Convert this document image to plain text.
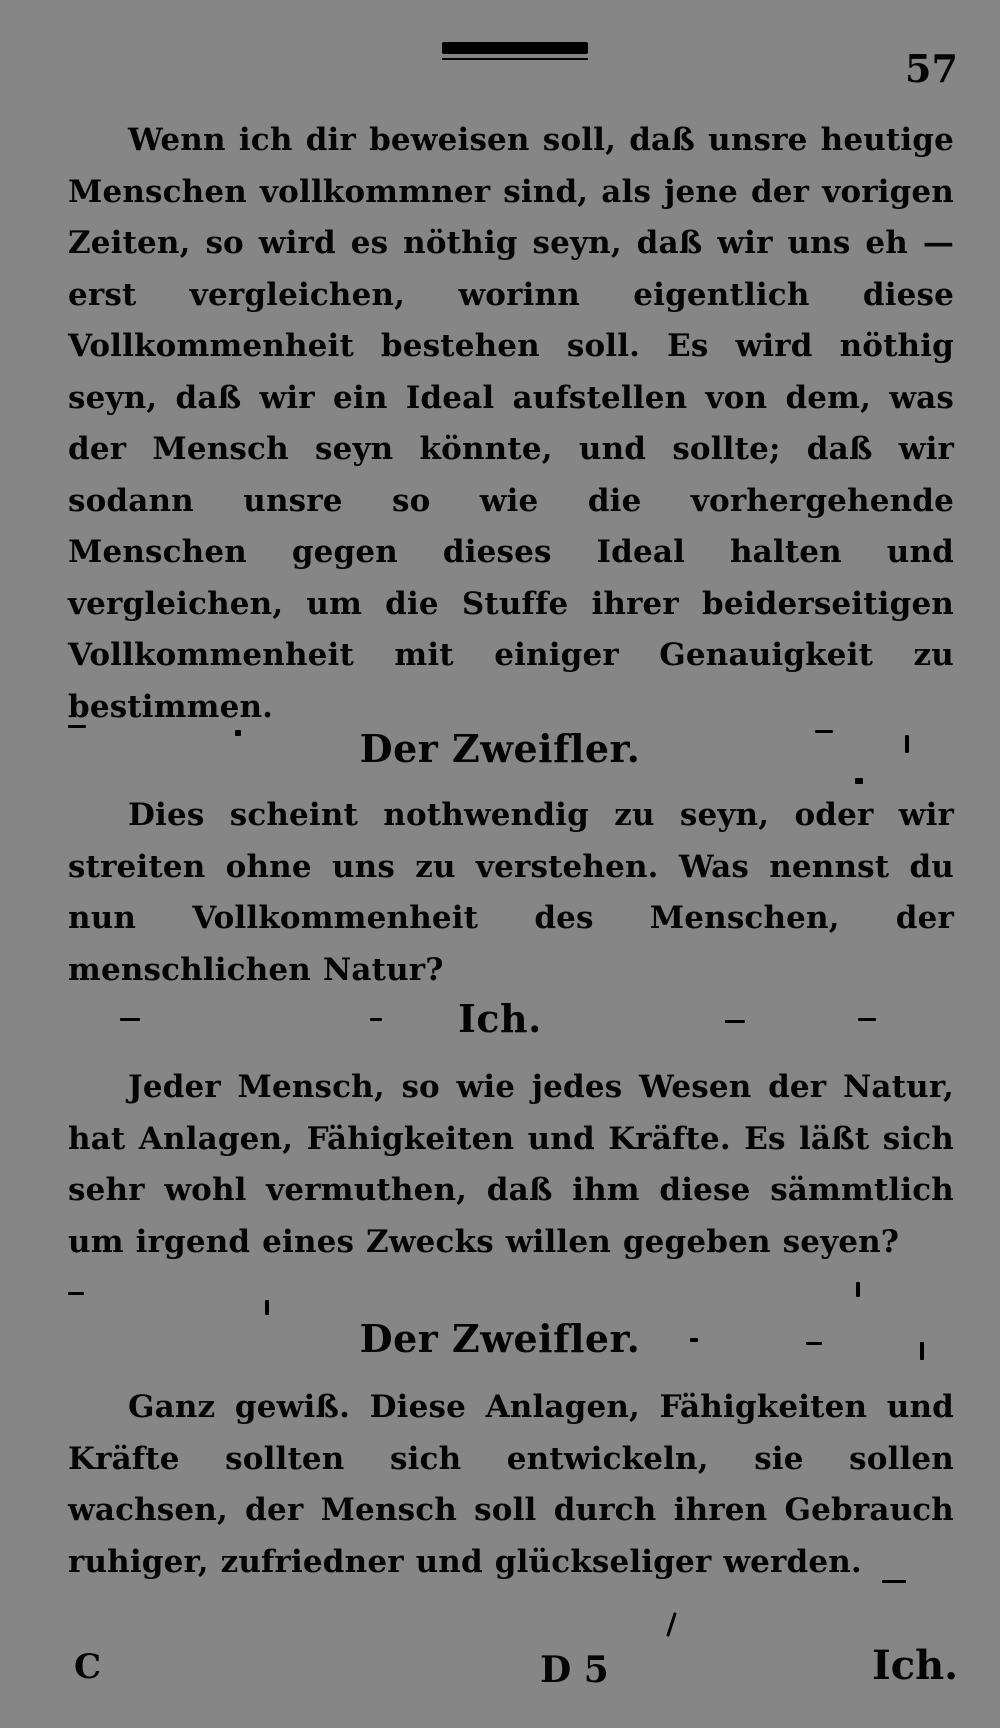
57

Wenn ich dir beweisen soll, daß unsre heutige Menschen vollkommner sind, als jene der vorigen Zeiten, so wird es nöthig seyn, daß wir uns eh — erst vergleichen, worinn eigentlich diese Vollkommenheit bestehen soll. Es wird nöthig seyn, daß wir ein Ideal aufstellen von dem, was der Mensch seyn könnte, und sollte; daß wir sodann unsre so wie die vorhergehende Menschen gegen dieses Ideal halten und vergleichen, um die Stuffe ihrer beiderseitigen Vollkommenheit mit einiger Genauigkeit zu bestimmen.

Der Zweifler.

Dies scheint nothwendig zu seyn, oder wir streiten ohne uns zu verstehen. Was nennst du nun Vollkommenheit des Menschen, der menschlichen Natur?

Ich.

Jeder Mensch, so wie jedes Wesen der Natur, hat Anlagen, Fähigkeiten und Kräfte. Es läßt sich sehr wohl vermuthen, daß ihm diese sämmtlich um irgend eines Zwecks willen gegeben seyen?

Der Zweifler.

Ganz gewiß. Diese Anlagen, Fähigkeiten und Kräfte sollten sich entwickeln, sie sollen wachsen, der Mensch soll durch ihren Gebrauch ruhiger, zufriedner und glückseliger werden.

C	D 5	Ich.
